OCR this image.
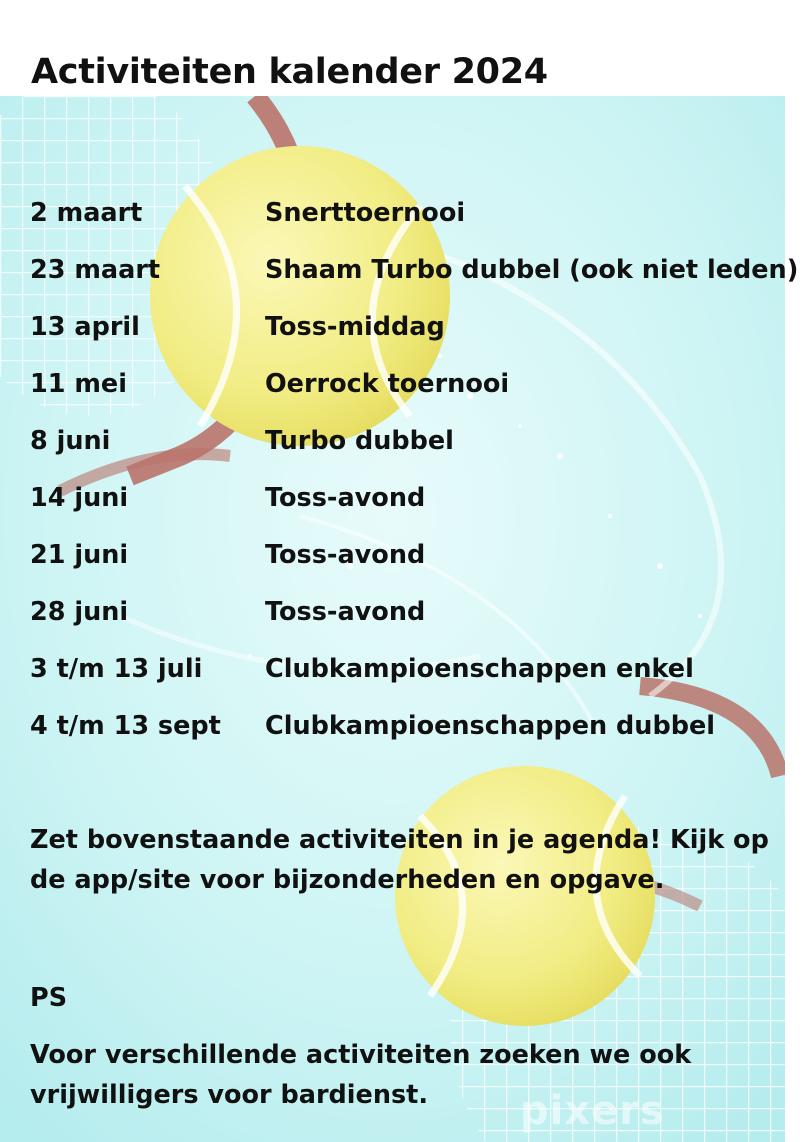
Activiteiten kalender 2024
2 maart	Snerttoernooi
23 maart	Shaam Turbo dubbel (ook niet leden)
13 april	Toss-middag
11 mei	Oerrock toernooi
8 juni	Turbo dubbel
14 juni	Toss-avond
21 juni	Toss-avond
28 juni	Toss-avond
3 t/m 13 juli Clubkampioenschappen enkel
4 t/m 13 sept Clubkampioenschappen dubbel

Zet bovenstaande activiteiten in je agenda! Kijk op de app/site voor bijzonderheden en opgave.

PS

Voor verschillende activiteiten zoeken we ook vrijwilligers voor bardienst.	pixers
